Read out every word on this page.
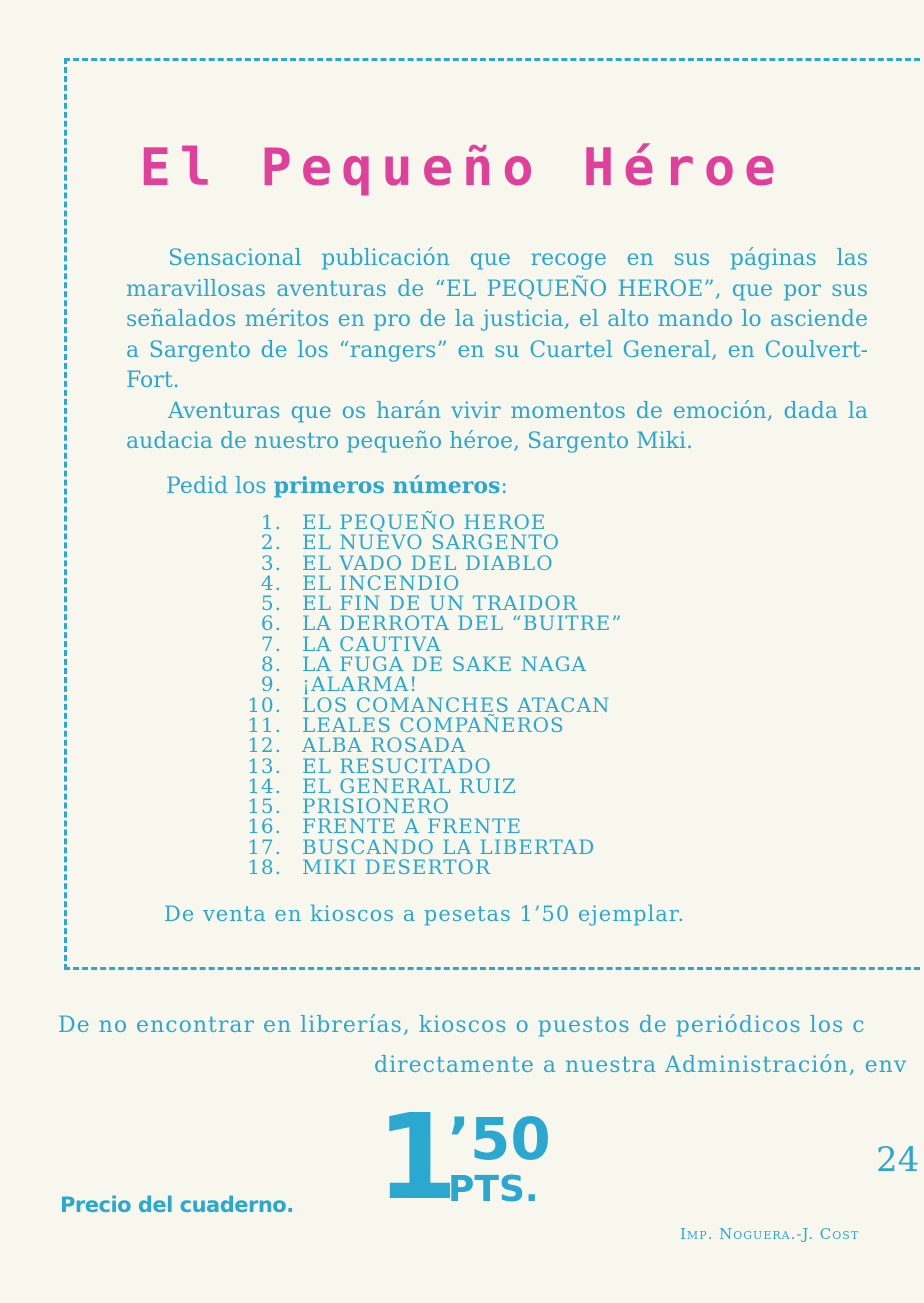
El Pequeño Héroe

Sensacional publicación que recoge en sus páginas las maravillosas aventuras de “EL PEQUEÑO HEROE”, que por sus señalados méritos en pro de la justicia, el alto mando lo asciende a Sargento de los “rangers” en su Cuartel General, en Coulvert-Fort.

Aventuras que os harán vivir momentos de emoción, dada la audacia de nuestro pequeño héroe, Sargento Miki.

Pedid los primeros números:
1. EL PEQUEÑO HEROE
2. EL NUEVO SARGENTO
3. EL VADO DEL DIABLO
4. EL INCENDIO
5. EL FIN DE UN TRAIDOR
6. LA DERROTA DEL “BUITRE”
7. LA CAUTIVA
8. LA FUGA DE SAKE NAGA
9. ¡ALARMA!
10. LOS COMANCHES ATACAN
11. LEALES COMPAÑEROS
12. ALBA ROSADA
13. EL RESUCITADO
14. EL GENERAL RUIZ
15. PRISIONERO
16. FRENTE A FRENTE
17. BUSCANDO LA LIBERTAD
18. MIKI DESERTOR
De venta en kioscos a pesetas 1’50 ejemplar.
De no encontrar en librerías, kioscos o puestos de periódicos los c
directamente a nuestra Administración, env
Precio del cuaderno. 1
’50
PTS.
24
Imp. Noguera.-J. Cost
